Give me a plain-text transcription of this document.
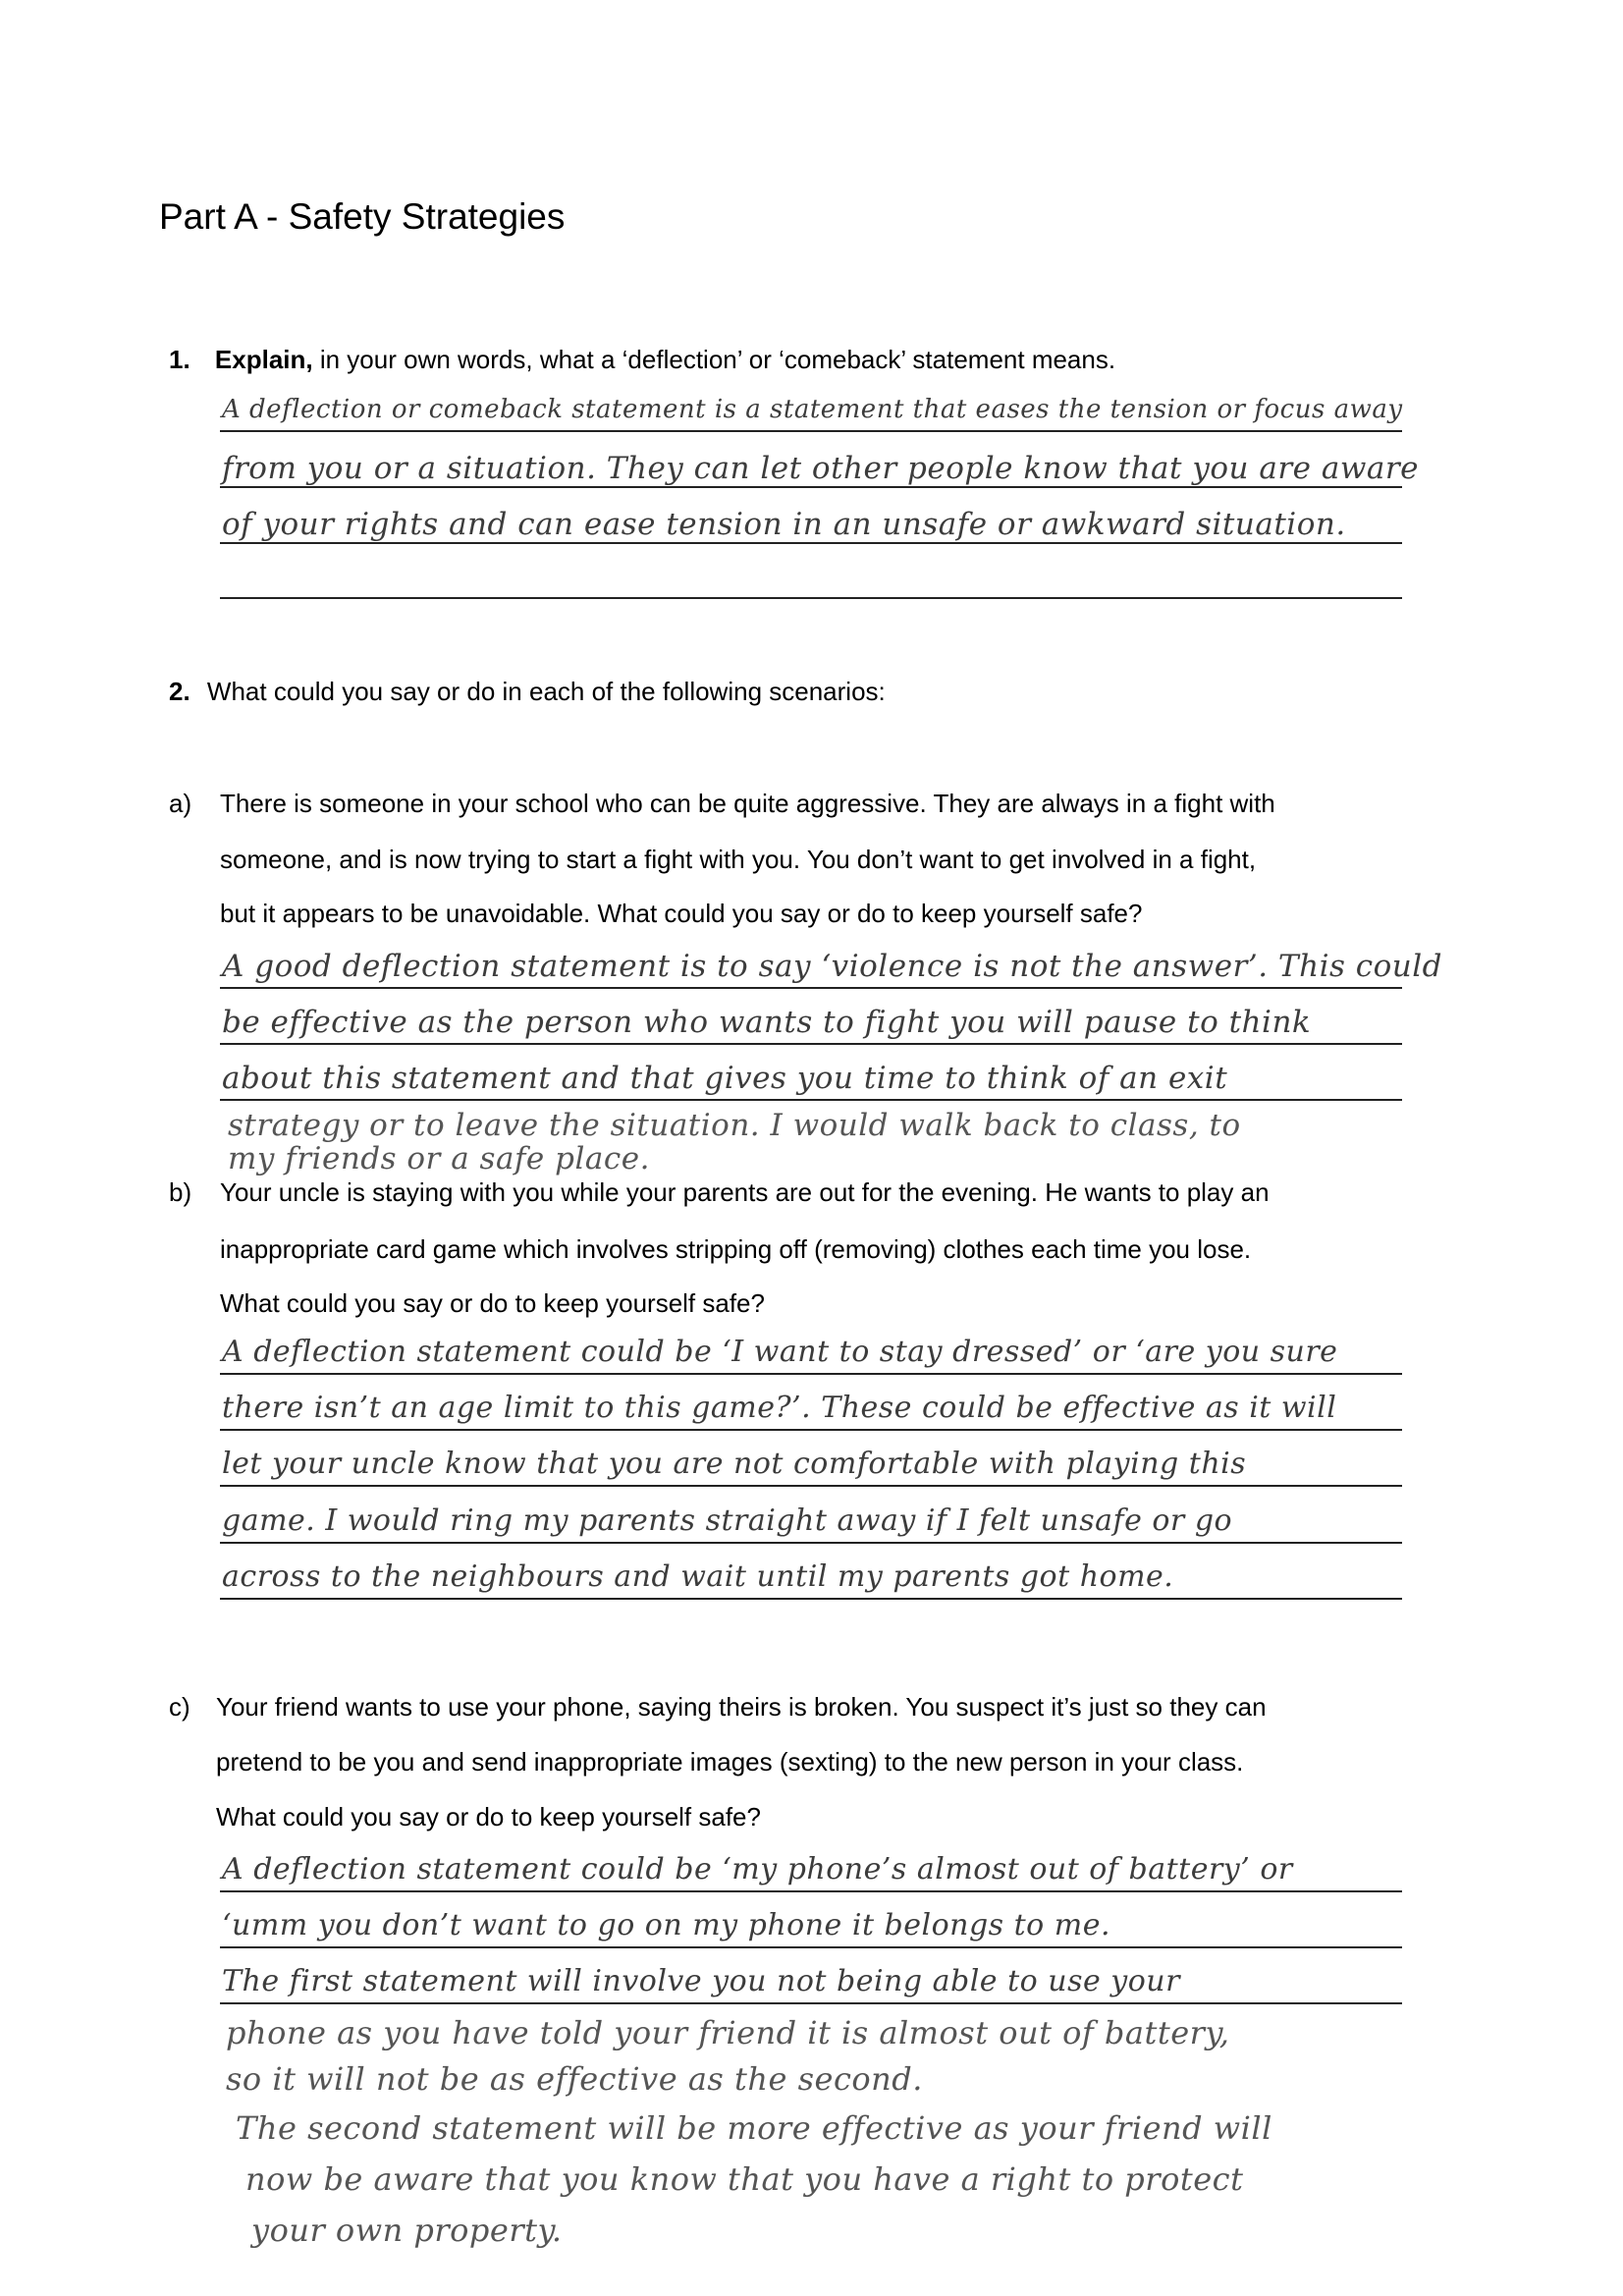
Part A - Safety Strategies
1. Explain, in your own words, what a ‘deflection’ or ‘comeback’ statement means.
A deflection or comeback statement is a statement that eases the tension or focus away
from you or a situation. They can let other people know that you are aware
of your rights and can ease tension in an unsafe or awkward situation.
2. What could you say or do in each of the following scenarios:
a) There is someone in your school who can be quite aggressive. They are always in a fight with
someone, and is now trying to start a fight with you. You don’t want to get involved in a fight,
but it appears to be unavoidable. What could you say or do to keep yourself safe?
A good deflection statement is to say ‘violence is not the answer’. This could
be effective as the person who wants to fight you will pause to think
about this statement and that gives you time to think of an exit
strategy or to leave the situation. I would walk back to class, to
my friends or a safe place.
b) Your uncle is staying with you while your parents are out for the evening. He wants to play an
inappropriate card game which involves stripping off (removing) clothes each time you lose.
What could you say or do to keep yourself safe?
A deflection statement could be ‘I want to stay dressed’ or ‘are you sure
there isn’t an age limit to this game?’. These could be effective as it will
let your uncle know that you are not comfortable with playing this
game. I would ring my parents straight away if I felt unsafe or go
across to the neighbours and wait until my parents got home.
c) Your friend wants to use your phone, saying theirs is broken. You suspect it’s just so they can
pretend to be you and send inappropriate images (sexting) to the new person in your class.
What could you say or do to keep yourself safe?
A deflection statement could be ‘my phone’s almost out of battery’ or
‘umm you don’t want to go on my phone it belongs to me.
The first statement will involve you not being able to use your
phone as you have told your friend it is almost out of battery,
so it will not be as effective as the second.
The second statement will be more effective as your friend will
now be aware that you know that you have a right to protect
your own property.
